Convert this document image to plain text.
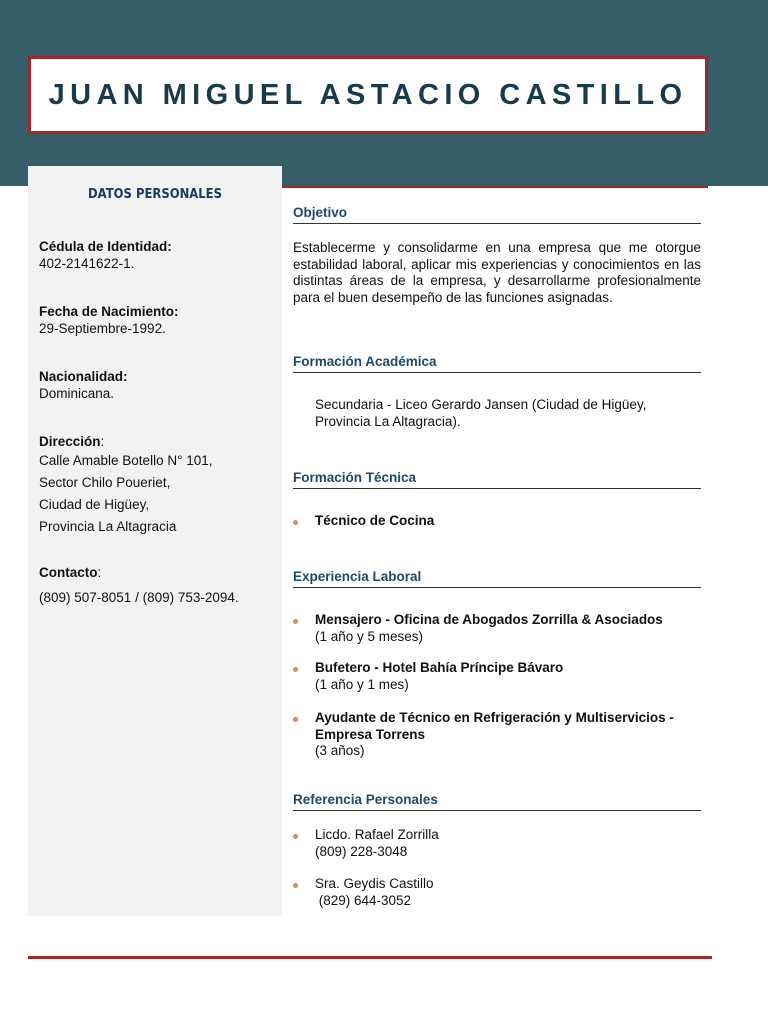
JUAN MIGUEL ASTACIO CASTILLO
DATOS PERSONALES
Cédula de Identidad:
402-2141622-1.
Fecha de Nacimiento:
29-Septiembre-1992.
Nacionalidad:
Dominicana.
Dirección:
Calle Amable Botello N° 101,
Sector Chilo Poueriet,
Ciudad de Higüey,
Provincia La Altagracia
Contacto:
(809) 507-8051 / (809) 753-2094.
Objetivo
Establecerme y consolidarme en una empresa que me otorgue estabilidad laboral, aplicar mis experiencias y conocimientos en las distintas áreas de la empresa, y desarrollarme profesionalmente para el buen desempeño de las funciones asignadas.
Formación Académica
Secundaria - Liceo Gerardo Jansen (Ciudad de Higüey,
Provincia La Altagracia).
Formación Técnica
Técnico de Cocina
Experiencia Laboral
Mensajero - Oficina de Abogados Zorrilla & Asociados
(1 año y 5 meses)
Bufetero - Hotel Bahía Príncipe Bávaro
(1 año y 1 mes)
Ayudante de Técnico en Refrigeración y Multiservicios -
Empresa Torrens
(3 años)
Referencia Personales
Licdo. Rafael Zorrilla
(809) 228-3048
Sra. Geydis Castillo
(829) 644-3052
